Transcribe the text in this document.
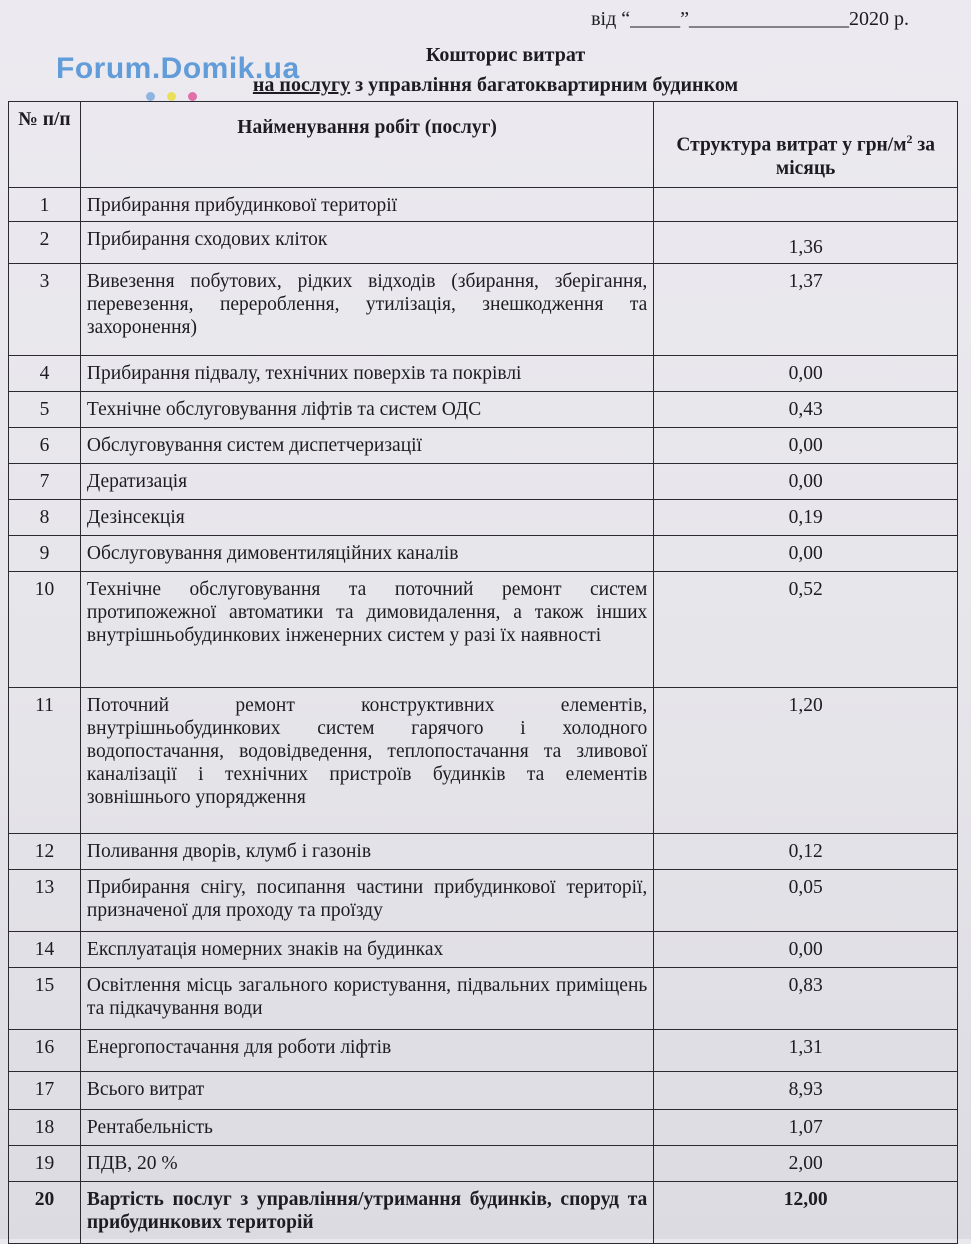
від “_____”________________2020 р.
Forum.Domik.ua	Кошторис витрат
на послугу з управління багатоквартирним будинком
№ п/п	Найменування робіт (послуг)	Структура витрат у грн/$м^2$ за місяць
1	Прибирання прибудинкової території	
2	Прибирання сходових кліток	1,36
3	Вивезення побутових, рідких відходів (збирання, зберігання, перевезення, перероблення, утилізація, знешкодження та захоронення)	1,37
4	Прибирання підвалу, технічних поверхів та покрівлі	0,00
5	Технічне обслуговування ліфтів та систем ОДС	0,43
6	Обслуговування систем диспетчеризації	0,00
7	Дератизація	0,00
8	Дезінсекція	0,19
9	Обслуговування димовентиляційних каналів	0,00
10	Технічне обслуговування та поточний ремонт систем протипожежної автоматики та димовидалення, а також інших внутрішньобудинкових інженерних систем у разі їх наявності	0,52
11	Поточний ремонт конструктивних елементів, внутрішньобудинкових систем гарячого і холодного водопостачання, водовідведення, теплопостачання та зливової каналізації і технічних пристроїв будинків та елементів зовнішнього упорядження	1,20
12	Поливання дворів, клумб і газонів	0,12
13	Прибирання снігу, посипання частини прибудинкової території, призначеної для проходу та проїзду	0,05
14	Експлуатація номерних знаків на будинках	0,00
15	Освітлення місць загального користування, підвальних приміщень та підкачування води	0,83
16	Енергопостачання для роботи ліфтів	1,31
17	Всього витрат	8,93
18	Рентабельність	1,07
19	ПДВ, 20 %	2,00
20	Вартість послуг з управління/утримання будинків, споруд та прибудинкових територій	12,00
